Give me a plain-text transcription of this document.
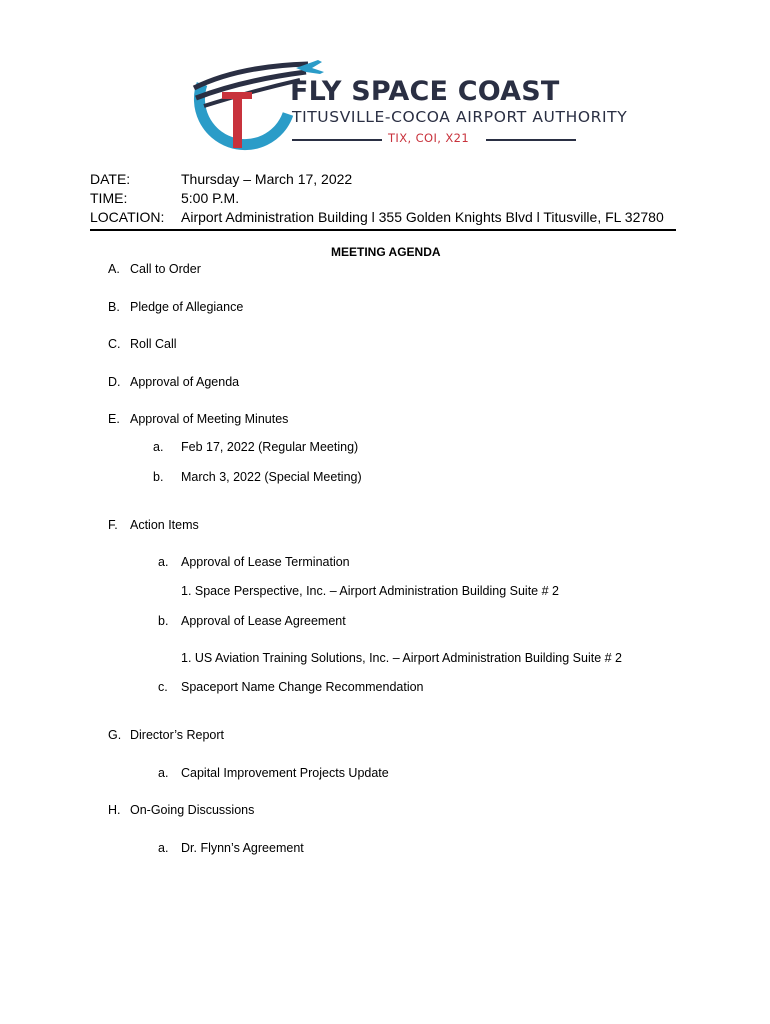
FLY SPACE COAST
TITUSVILLE-COCOA AIRPORT AUTHORITY
TIX, COI, X21
DATE:	Thursday – March 17, 2022
TIME:	5:00 P.M.
LOCATION: Airport Administration Building l 355 Golden Knights Blvd l Titusville, FL 32780
MEETING AGENDA
A. Call to Order
B. Pledge of Allegiance
C. Roll Call
D. Approval of Agenda
E. Approval of Meeting Minutes
a. Feb 17, 2022 (Regular Meeting)
b. March 3, 2022 (Special Meeting)
F. Action Items
a. Approval of Lease Termination
1. Space Perspective, Inc. – Airport Administration Building Suite # 2
b. Approval of Lease Agreement
1. US Aviation Training Solutions, Inc. – Airport Administration Building Suite # 2
c. Spaceport Name Change Recommendation
G. Director’s Report
a. Capital Improvement Projects Update
H. On-Going Discussions
a. Dr. Flynn’s Agreement
